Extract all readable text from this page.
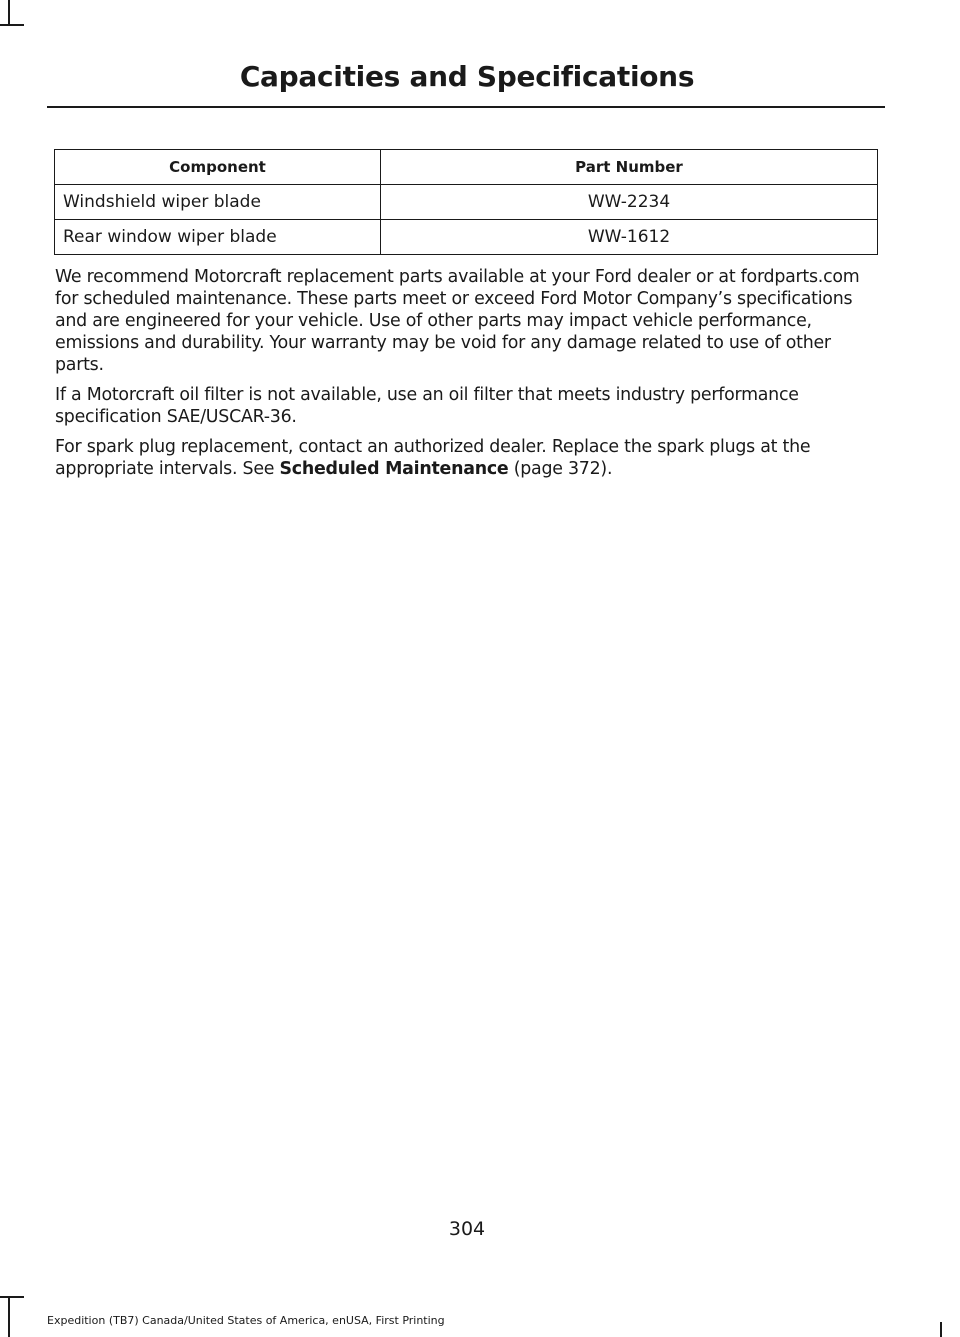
Capacities and Specifications
Component	Part Number
Windshield wiper blade	WW-2234
Rear window wiper blade	WW-1612

We recommend Motorcraft replacement parts available at your Ford dealer or at fordparts.com for scheduled maintenance. These parts meet or exceed Ford Motor Company’s specifications and are engineered for your vehicle. Use of other parts may impact vehicle performance, emissions and durability. Your warranty may be void for any damage related to use of other parts.

If a Motorcraft oil filter is not available, use an oil filter that meets industry performance specification SAE/USCAR-36.

For spark plug replacement, contact an authorized dealer. Replace the spark plugs at the appropriate intervals. See Scheduled Maintenance (page 372).

304
Expedition (TB7) Canada/United States of America, enUSA, First Printing
